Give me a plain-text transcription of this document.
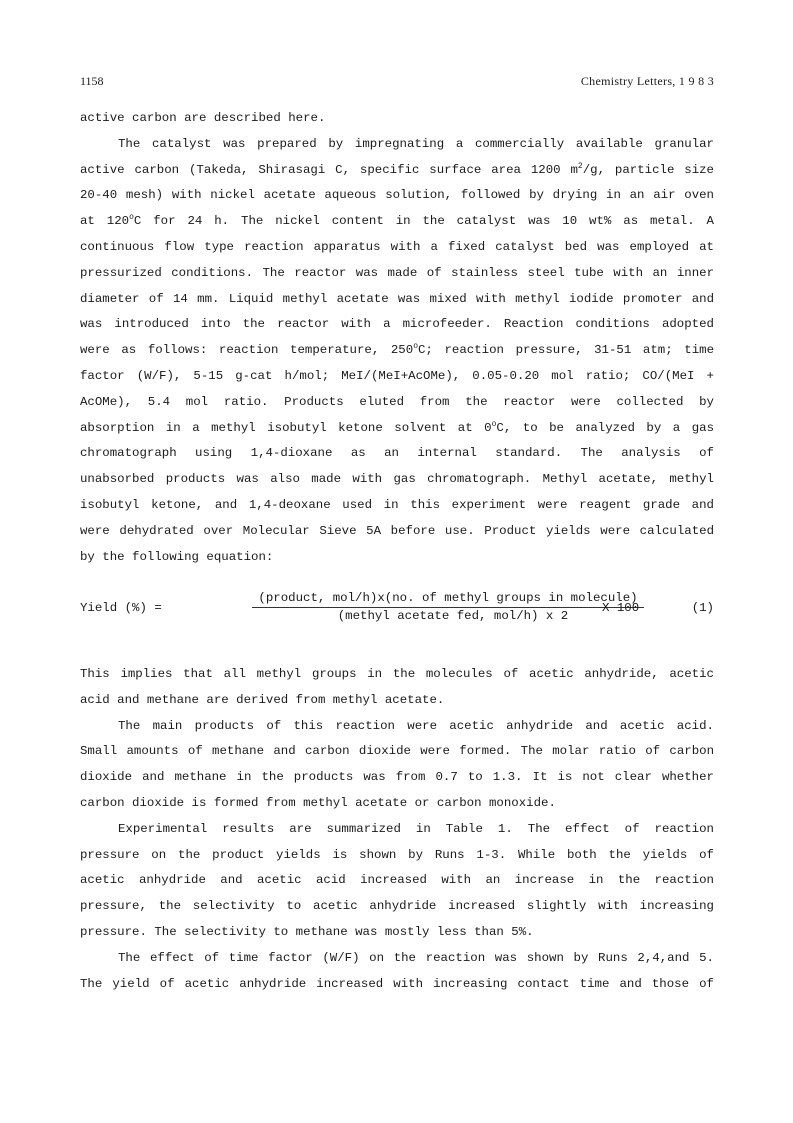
1158	Chemistry Letters, 1 9 8 3
active carbon are described here.
The catalyst was prepared by impregnating a commercially available granular
active carbon (Takeda, Shirasagi C, specific surface area 1200 $m^2/g$, particle size
20-40 mesh) with nickel acetate aqueous solution, followed by drying in an air oven
at 120$^o$C for 24 h. The nickel content in the catalyst was 10 wt% as metal. A
continuous flow type reaction apparatus with a fixed catalyst bed was employed at
pressurized conditions. The reactor was made of stainless steel tube with an inner
diameter of 14 mm. Liquid methyl acetate was mixed with methyl iodide promoter and
was introduced into the reactor with a microfeeder. Reaction conditions adopted
were as follows: reaction temperature, 250$^o$C; reaction pressure, 31-51 atm; time
factor (W/F), 5-15 g-cat h/mol; MeI/(MeI+AcOMe), 0.05-0.20 mol ratio; CO/(MeI +
AcOMe), 5.4 mol ratio. Products eluted from the reactor were collected by
absorption in a methyl isobutyl ketone solvent at 0$^o$C, to be analyzed by a gas
chromatograph using 1,4-dioxane as an internal standard. The analysis of
unabsorbed products was also made with gas chromatograph. Methyl acetate, methyl
isobutyl ketone, and 1,4-deoxane used in this experiment were reagent grade and
were dehydrated over Molecular Sieve 5A before use. Product yields were calculated
by the following equation:
Yield (%) =
(product, mol/h)x(no. of methyl groups in molecule)
(methyl acetate fed, mol/h) x 2
X 100	(1)
This implies that all methyl groups in the molecules of acetic anhydride, acetic
acid and methane are derived from methyl acetate.
The main products of this reaction were acetic anhydride and acetic acid.
Small amounts of methane and carbon dioxide were formed. The molar ratio of carbon
dioxide and methane in the products was from 0.7 to 1.3. It is not clear whether
carbon dioxide is formed from methyl acetate or carbon monoxide.
Experimental results are summarized in Table 1. The effect of reaction
pressure on the product yields is shown by Runs 1-3. While both the yields of
acetic anhydride and acetic acid increased with an increase in the reaction
pressure, the selectivity to acetic anhydride increased slightly with increasing
pressure. The selectivity to methane was mostly less than 5%.
The effect of time factor (W/F) on the reaction was shown by Runs 2,4,and 5.
The yield of acetic anhydride increased with increasing contact time and those of
